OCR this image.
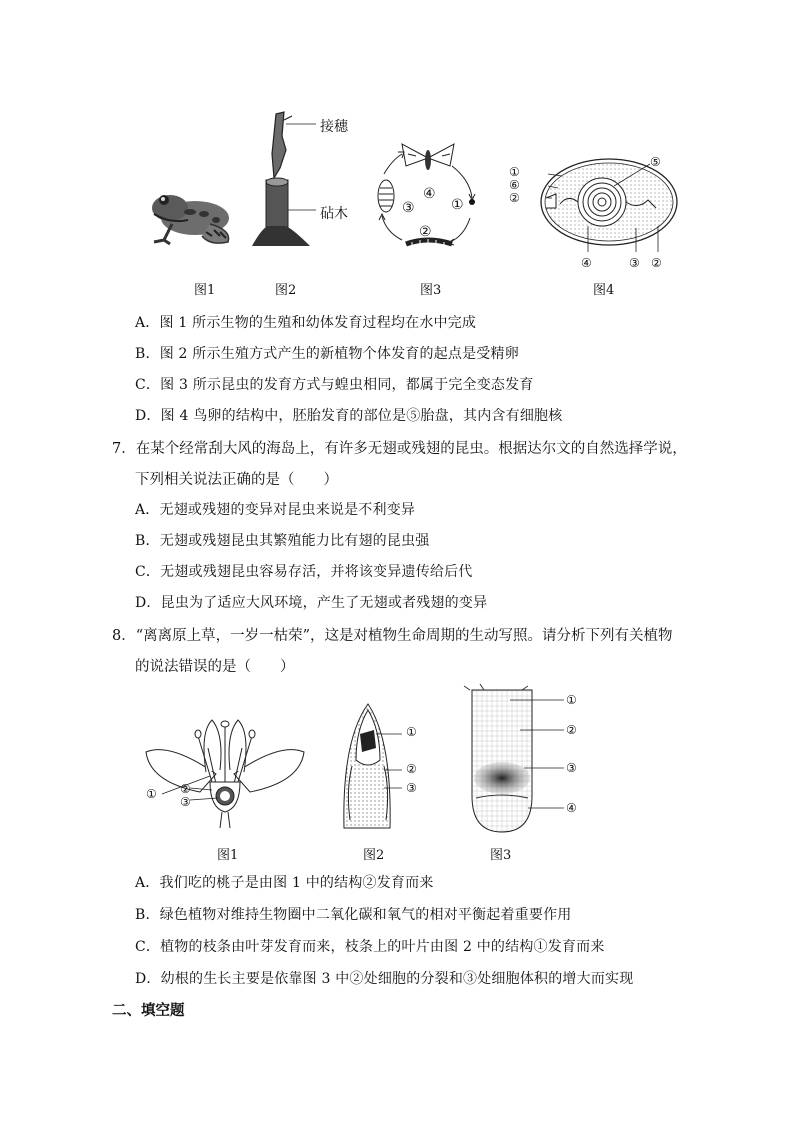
接穗
砧木
①
②
③
④
①
⑥
②
⑤
④	③ ②
图1	图2	图3	图4
A．图 1 所示生物的生殖和幼体发育过程均在水中完成
B．图 2 所示生殖方式产生的新植物个体发育的起点是受精卵
C．图 3 所示昆虫的发育方式与蝗虫相同，都属于完全变态发育
D．图 4 鸟卵的结构中，胚胎发育的部位是⑤胎盘，其内含有细胞核
7．在某个经常刮大风的海岛上，有许多无翅或残翅的昆虫。根据达尔文的自然选择学说，
下列相关说法正确的是（　　）
A．无翅或残翅的变异对昆虫来说是不利变异
B．无翅或残翅昆虫其繁殖能力比有翅的昆虫强
C．无翅或残翅昆虫容易存活，并将该变异遗传给后代
D．昆虫为了适应大风环境，产生了无翅或者残翅的变异
8．“离离原上草，一岁一枯荣”，这是对植物生命周期的生动写照。请分析下列有关植物
的说法错误的是（　　）
① ②
③
①
②
③
①
②
③
④
图1	图2	图3
A．我们吃的桃子是由图 1 中的结构②发育而来
B．绿色植物对维持生物圈中二氧化碳和氧气的相对平衡起着重要作用
C．植物的枝条由叶芽发育而来，枝条上的叶片由图 2 中的结构①发育而来
D．幼根的生长主要是依靠图 3 中②处细胞的分裂和③处细胞体积的增大而实现
二、填空题
